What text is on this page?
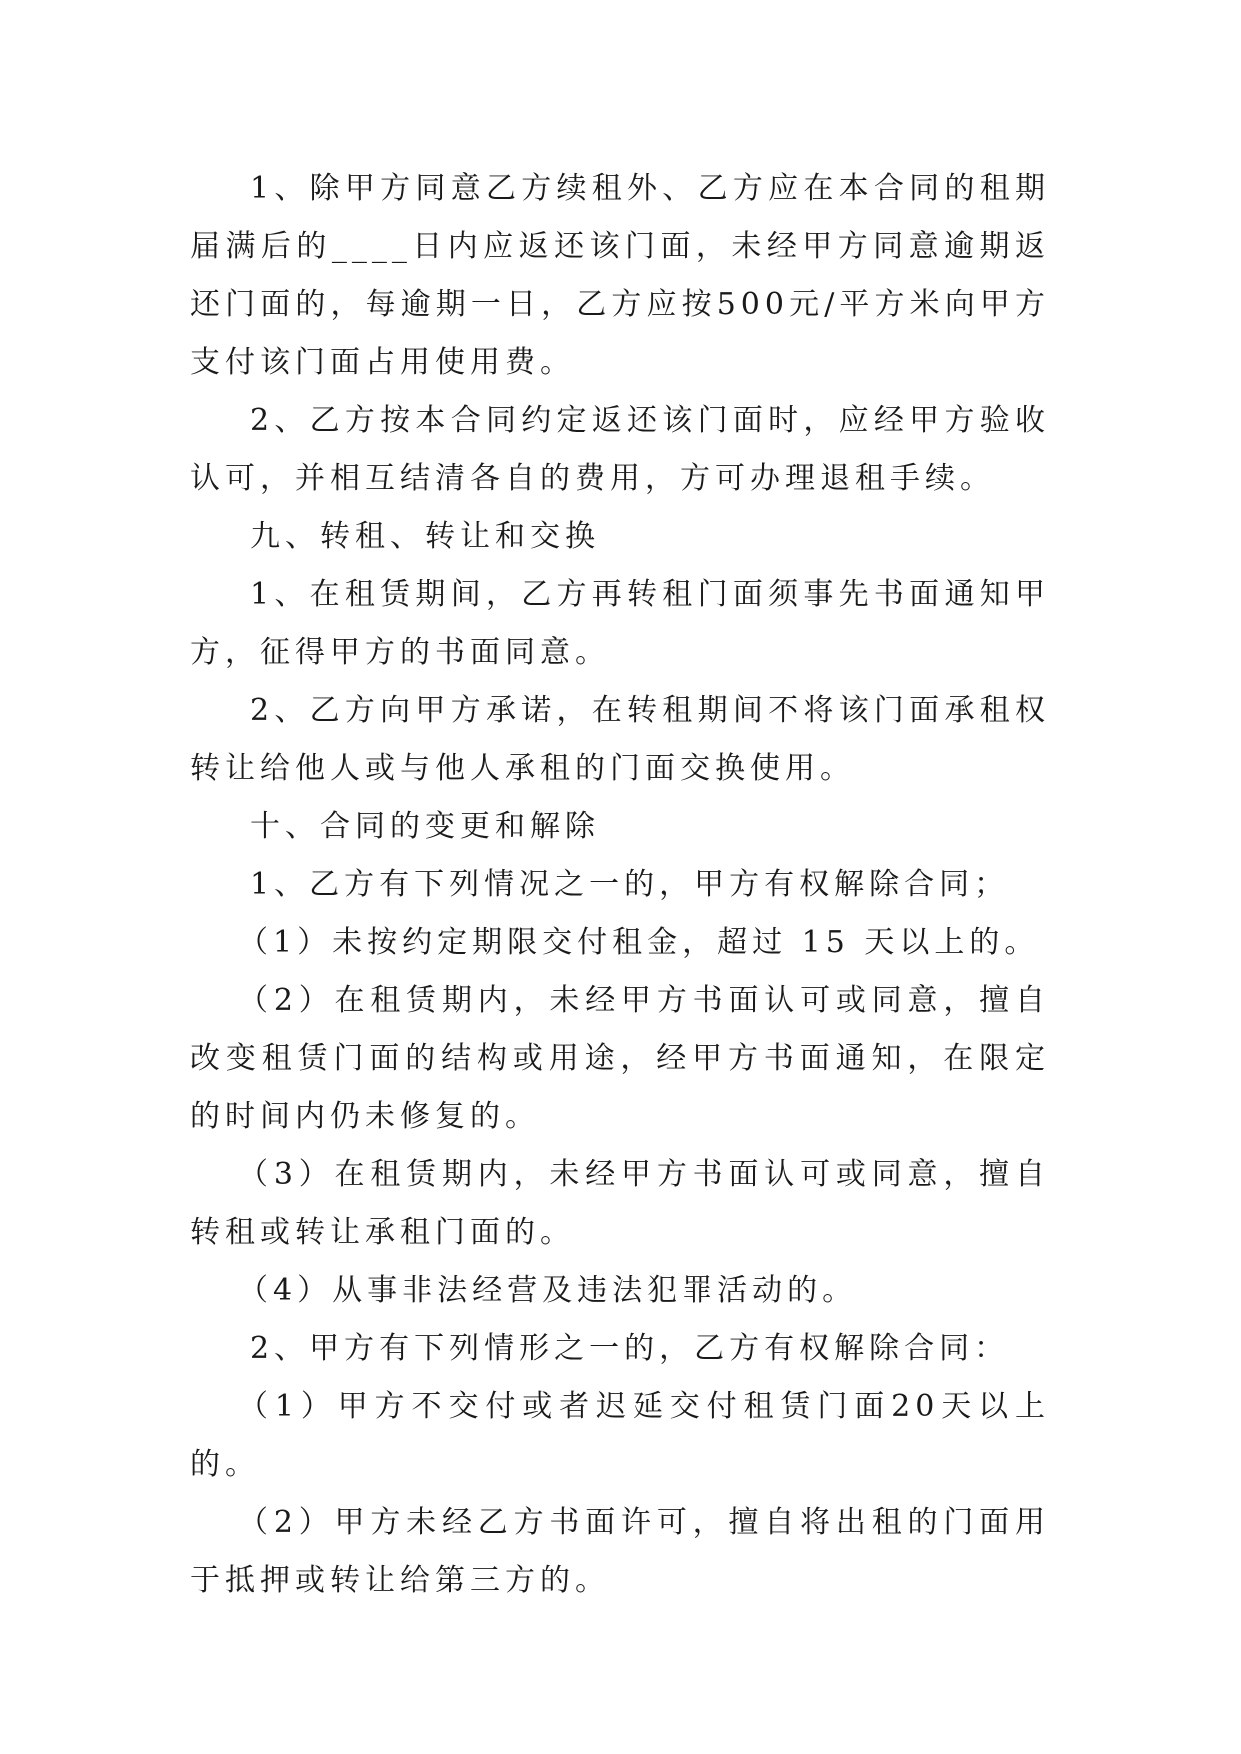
1、除甲方同意乙方续租外、乙方应在本合同的租期届满后的____日内应返还该门面，未经甲方同意逾期返还门面的，每逾期一日，乙方应按500元/平方米向甲方支付该门面占用使用费。

2、乙方按本合同约定返还该门面时，应经甲方验收认可，并相互结清各自的费用，方可办理退租手续。

九、转租、转让和交换

1、在租赁期间，乙方再转租门面须事先书面通知甲方，征得甲方的书面同意。

2、乙方向甲方承诺，在转租期间不将该门面承租权转让给他人或与他人承租的门面交换使用。

十、合同的变更和解除

1、乙方有下列情况之一的，甲方有权解除合同；

（1）未按约定期限交付租金，超过 15 天以上的。

（2）在租赁期内，未经甲方书面认可或同意，擅自改变租赁门面的结构或用途，经甲方书面通知，在限定的时间内仍未修复的。

（3）在租赁期内，未经甲方书面认可或同意，擅自转租或转让承租门面的。

（4）从事非法经营及违法犯罪活动的。

2、甲方有下列情形之一的，乙方有权解除合同：

（1）甲方不交付或者迟延交付租赁门面20天以上的。

（2）甲方未经乙方书面许可，擅自将出租的门面用于抵押或转让给第三方的。
